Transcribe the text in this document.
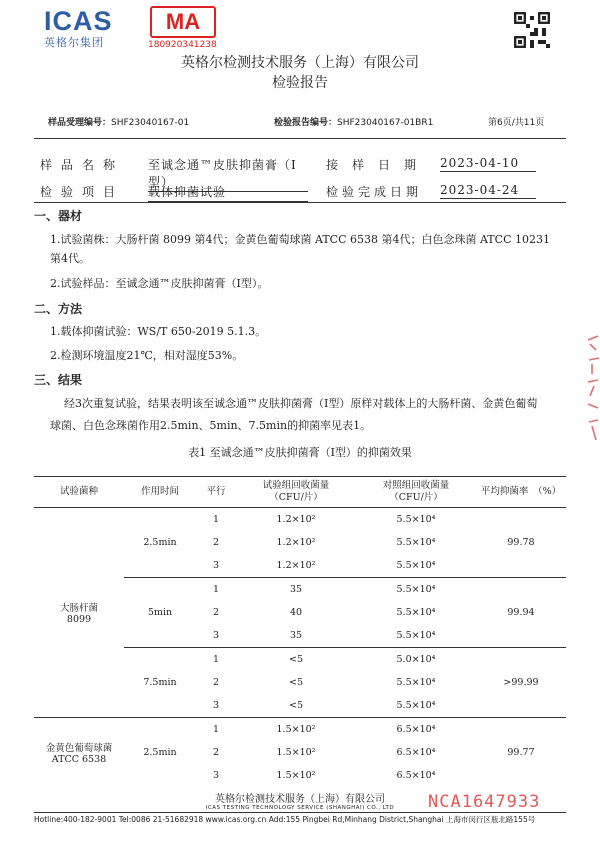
ICAS
英格尔集团
MA
180920341238
英格尔检测技术服务（上海）有限公司
检验报告
样品受理编号：SHF23040167-01	检验报告编号：SHF23040167-01BR1	第6页/共11页
样品名称 至诚念通™皮肤抑菌膏（I型）
接样日期 2023-04-10
检验项目 载体抑菌试验	检验完成日期 2023-04-24
一、器材
1.试验菌株：大肠杆菌 8099 第4代；金黄色葡萄球菌 ATCC 6538 第4代；白色念珠菌 ATCC 10231
第4代。
2.试验样品：至诚念通™皮肤抑菌膏（I型）。
二、方法
1.载体抑菌试验：WS/T 650-2019 5.1.3。
2.检测环境温度21℃，相对湿度53%。
三、结果
经3次重复试验，结果表明该至诚念通™皮肤抑菌膏（I型）原样对载体上的大肠杆菌、金黄色葡萄
球菌、白色念珠菌作用2.5min、5min、7.5min的抑菌率见表1。
表1 至诚念通™皮肤抑菌膏（I型）的抑菌效果
试验菌种	作用时间	平行	试验组回收菌量
（CFU/片）	对照组回收菌量
（CFU/片）	平均抑菌率　（%）
大肠杆菌
8099	2.5min	1	1.2×10²	5.5×10⁴	99.78
		2	1.2×10²	5.5×10⁴	
		3	1.2×10²	5.5×10⁴	
	5min	1	35	5.5×10⁴	99.94
		2	40	5.5×10⁴	
		3	35	5.5×10⁴	
	7.5min	1	<5	5.0×10⁴	>99.99
		2	<5	5.5×10⁴	
		3	<5	5.5×10⁴	
金黄色葡萄球菌
ATCC 6538	2.5min	1	1.5×10²	6.5×10⁴	99.77
		2	1.5×10²	6.5×10⁴	
		3	1.5×10²	6.5×10⁴	
英格尔检测技术服务（上海）有限公司
ICAS TESTING TECHNOLOGY SERVICE (SHANGHAI) CO., LTD
Hotline:400-182-9001 Tel:0086 21-51682918 www.icas.org.cn Add:155 Pingbei Rd,Minhang District,Shanghai 上海市闵行区瓶北路155号
NCA1647933
